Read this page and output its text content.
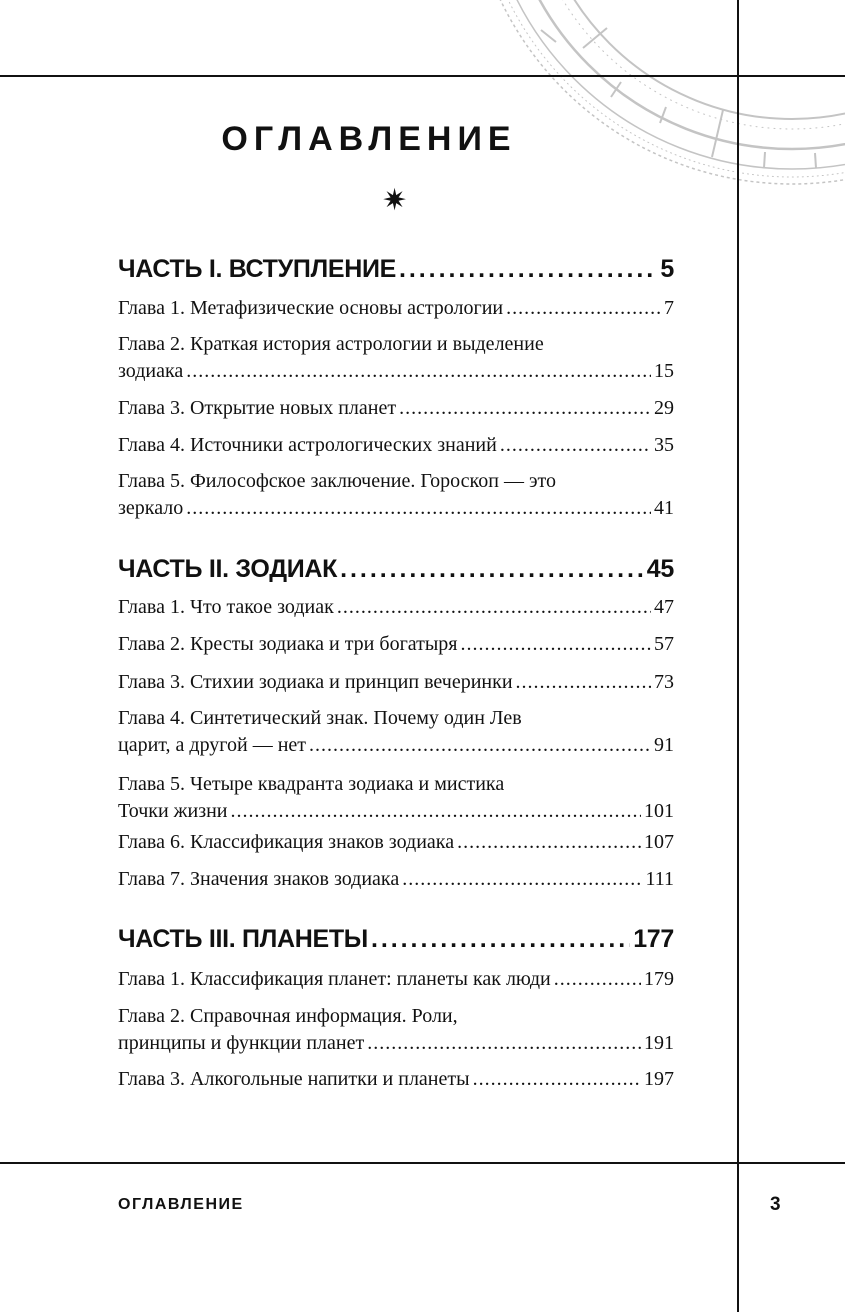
ОГЛАВЛЕНИЕ
✷
ЧАСТЬ I. ВСТУПЛЕНИЕ . . .	5
Глава 1. Метафизические основы астрологии . . .	7
Глава 2. Краткая история астрологии и выделение
зодиака . . .	15
Глава 3. Открытие новых планет . . .	29
Глава 4. Источники астрологических знаний . . .	35
Глава 5. Философское заключение. Гороскоп — это
зеркало . . .	41
ЧАСТЬ II. ЗОДИАК . . .	45
Глава 1. Что такое зодиак . . .	47
Глава 2. Кресты зодиака и три богатыря . . .	57
Глава 3. Стихии зодиака и принцип вечеринки . . .	73
Глава 4. Синтетический знак. Почему один Лев
царит, а другой — нет . . .	91
Глава 5. Четыре квадранта зодиака и мистика
Точки жизни . . .	101
Глава 6. Классификация знаков зодиака . . .	107
Глава 7. Значения знаков зодиака . . .	111
ЧАСТЬ III. ПЛАНЕТЫ . . .	177
Глава 1. Классификация планет: планеты как люди . . .	179
Глава 2. Справочная информация. Роли,
принципы и функции планет . . .	191
Глава 3. Алкогольные напитки и планеты . . .	197
ОГЛАВЛЕНИЕ	3
